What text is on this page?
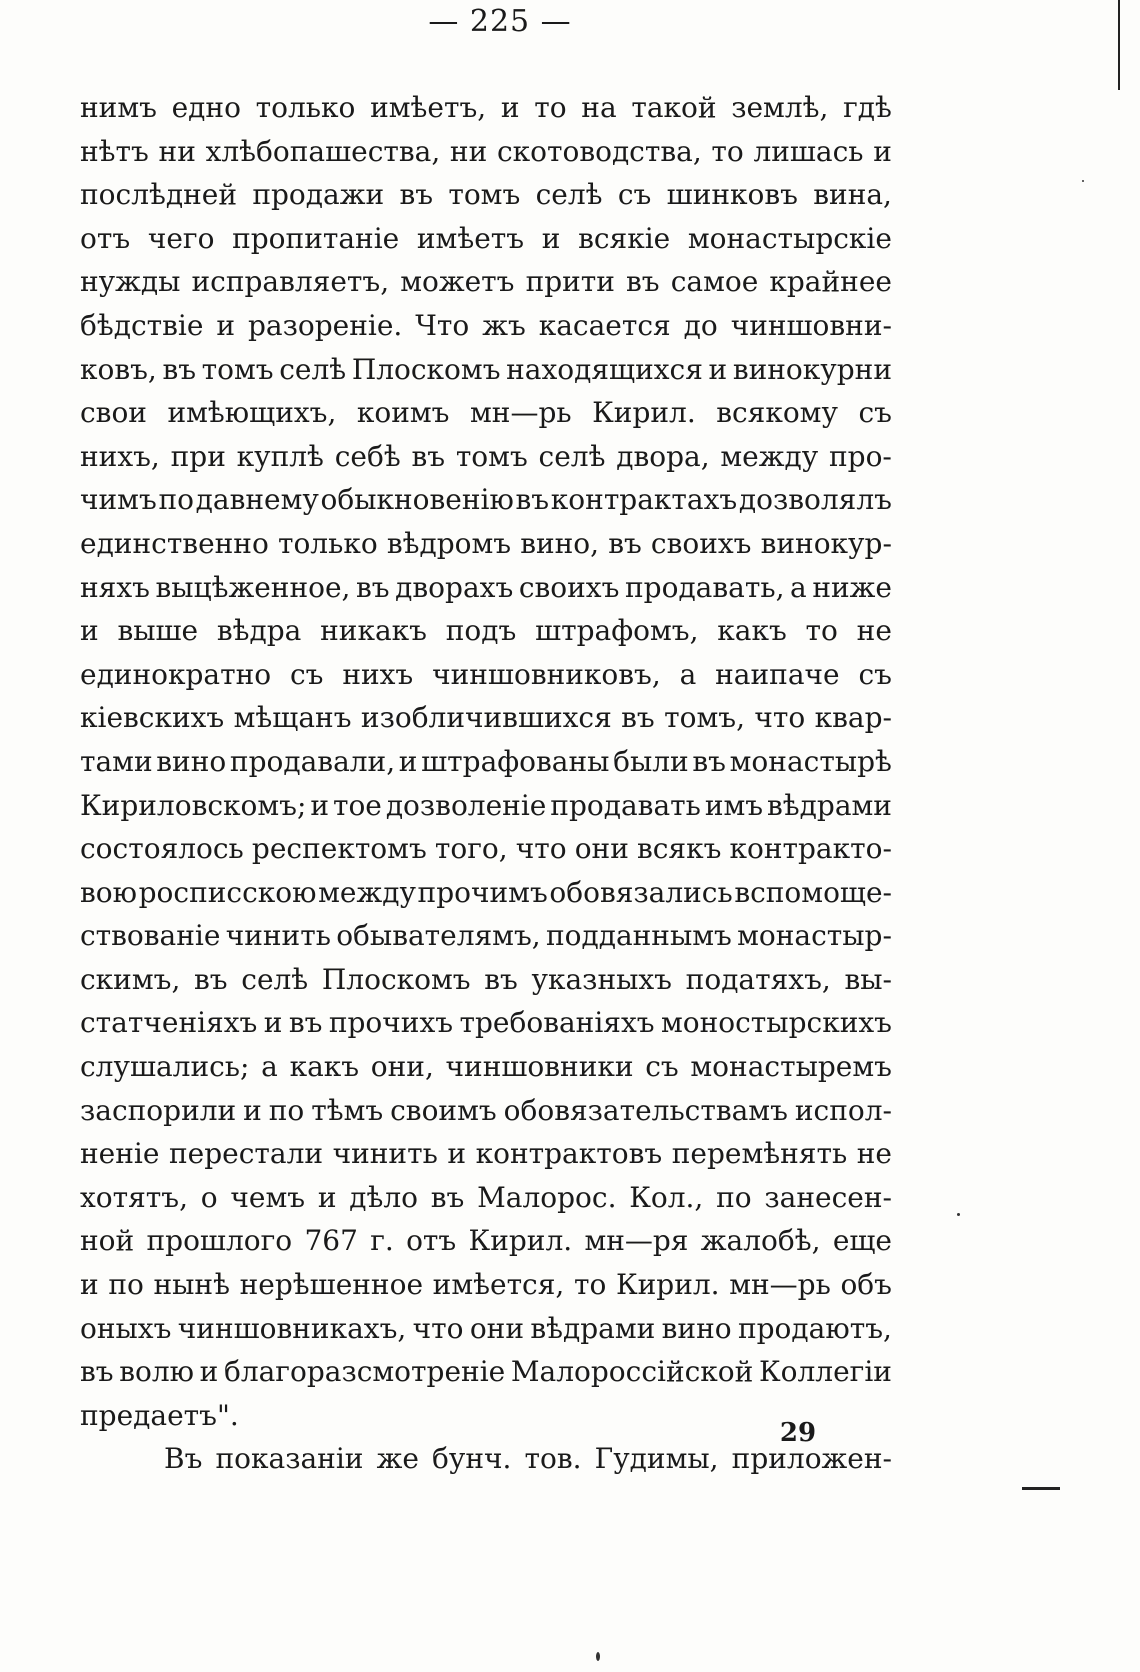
— 225 —
нимъ едно только имѣетъ, и то на такой землѣ, гдѣ
нѣтъ ни хлѣбопашества, ни скотоводства, то лишась и
послѣдней продажи въ томъ селѣ съ шинковъ вина,
отъ чего пропитаніе имѣетъ и всякіе монастырскіе
нужды исправляетъ, можетъ прити въ самое крайнее
бѣдствіе и разореніе. Что жъ касается до чиншовни-
ковъ, въ томъ селѣ Плоскомъ находящихся и винокурни
свои имѣющихъ, коимъ мн—рь Кирил. всякому съ
нихъ, при куплѣ себѣ въ томъ селѣ двора, между про-
чимъ по давнему обыкновенію въ контрактахъ дозволялъ
единственно только вѣдромъ вино, въ своихъ винокур-
няхъ выцѣженное, въ дворахъ своихъ продавать, а ниже
и выше вѣдра никакъ подъ штрафомъ, какъ то не
единократно съ нихъ чиншовниковъ, а наипаче съ
кіевскихъ мѣщанъ изобличившихся въ томъ, что квар-
тами вино продавали, и штрафованы были въ монастырѣ
Кириловскомъ; и тое дозволеніе продавать имъ вѣдрами
состоялось респектомъ того, что они всякъ контракто-
вою росписскою между прочимъ обовязались вспомоще-
ствованіе чинить обывателямъ, подданнымъ монастыр-
скимъ, въ селѣ Плоскомъ въ указныхъ податяхъ, вы-
статченіяхъ и въ прочихъ требованіяхъ моностырскихъ
слушались; а какъ они, чиншовники съ монастыремъ
заспорили и по тѣмъ своимъ обовязательствамъ испол-
неніе перестали чинить и контрактовъ перемѣнять не
хотятъ, о чемъ и дѣло въ Малорос. Кол., по занесен-
ной прошлого 767 г. отъ Кирил. мн—ря жалобѣ, еще
и по нынѣ нерѣшенное имѣется, то Кирил. мн—рь объ
оныхъ чиншовникахъ, что они вѣдрами вино продаютъ,
въ волю и благоразсмотреніе Малороссійской Коллегіи
предаетъ".
Въ показаніи же бунч. тов. Гудимы, приложен-
29
